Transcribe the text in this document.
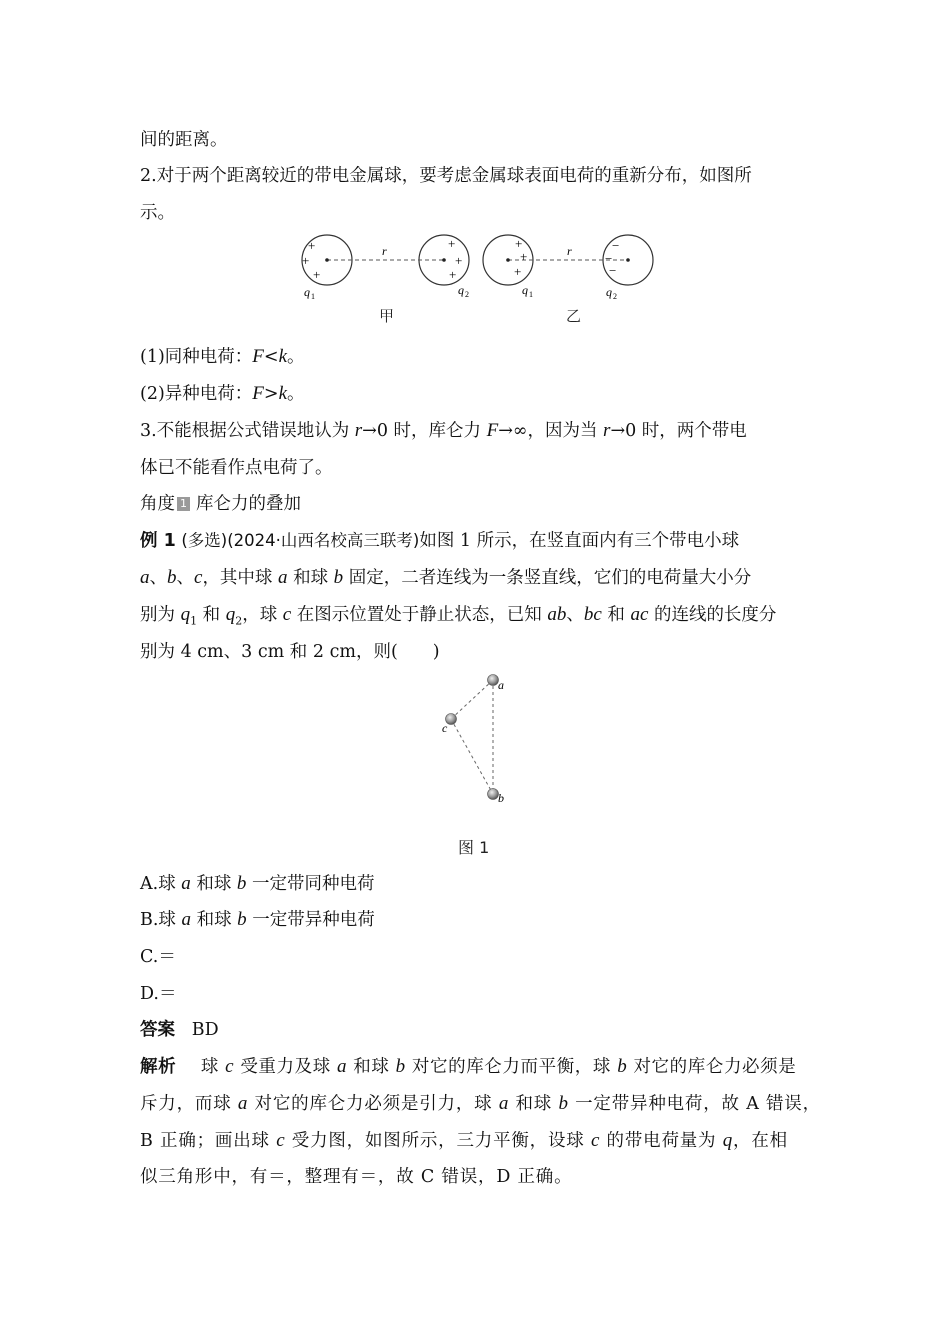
间的距离。
2.对于两个距离较近的带电金属球，要考虑金属球表面电荷的重新分布，如图所
示。
+
+
+
+
+
+
r
q 1	q 2
+
+
+
−
−
−
r
q 1	q 2
甲	乙
(1)同种电荷：F<k。
(2)异种电荷：F>k。
3.不能根据公式错误地认为 r→0 时，库仑力 F→∞，因为当 r→0 时，两个带电
体已不能看作点电荷了。
角度 1 库仑力的叠加
例 1 (多选)(2024·山西名校高三联考)如图 1 所示，在竖直面内有三个带电小球
a、b、c，其中球 a 和球 b 固定，二者连线为一条竖直线，它们的电荷量大小分
别为 $q_1$ 和 $q_2$，球 c 在图示位置处于静止状态，已知 ab、bc 和 ac 的连线的长度分
别为 4 cm、3 cm 和 2 cm，则(　　)
a
c
b
图 1
A.球 a 和球 b 一定带同种电荷
B.球 a 和球 b 一定带异种电荷
C.＝
D.＝
答案 BD
解析 球 c 受重力及球 a 和球 b 对它的库仑力而平衡，球 b 对它的库仑力必须是
斥力，而球 a 对它的库仑力必须是引力，球 a 和球 b 一定带异种电荷，故 A 错误，
B 正确；画出球 c 受力图，如图所示，三力平衡，设球 c 的带电荷量为 q，在相
似三角形中，有＝，整理有＝，故 C 错误，D 正确。
